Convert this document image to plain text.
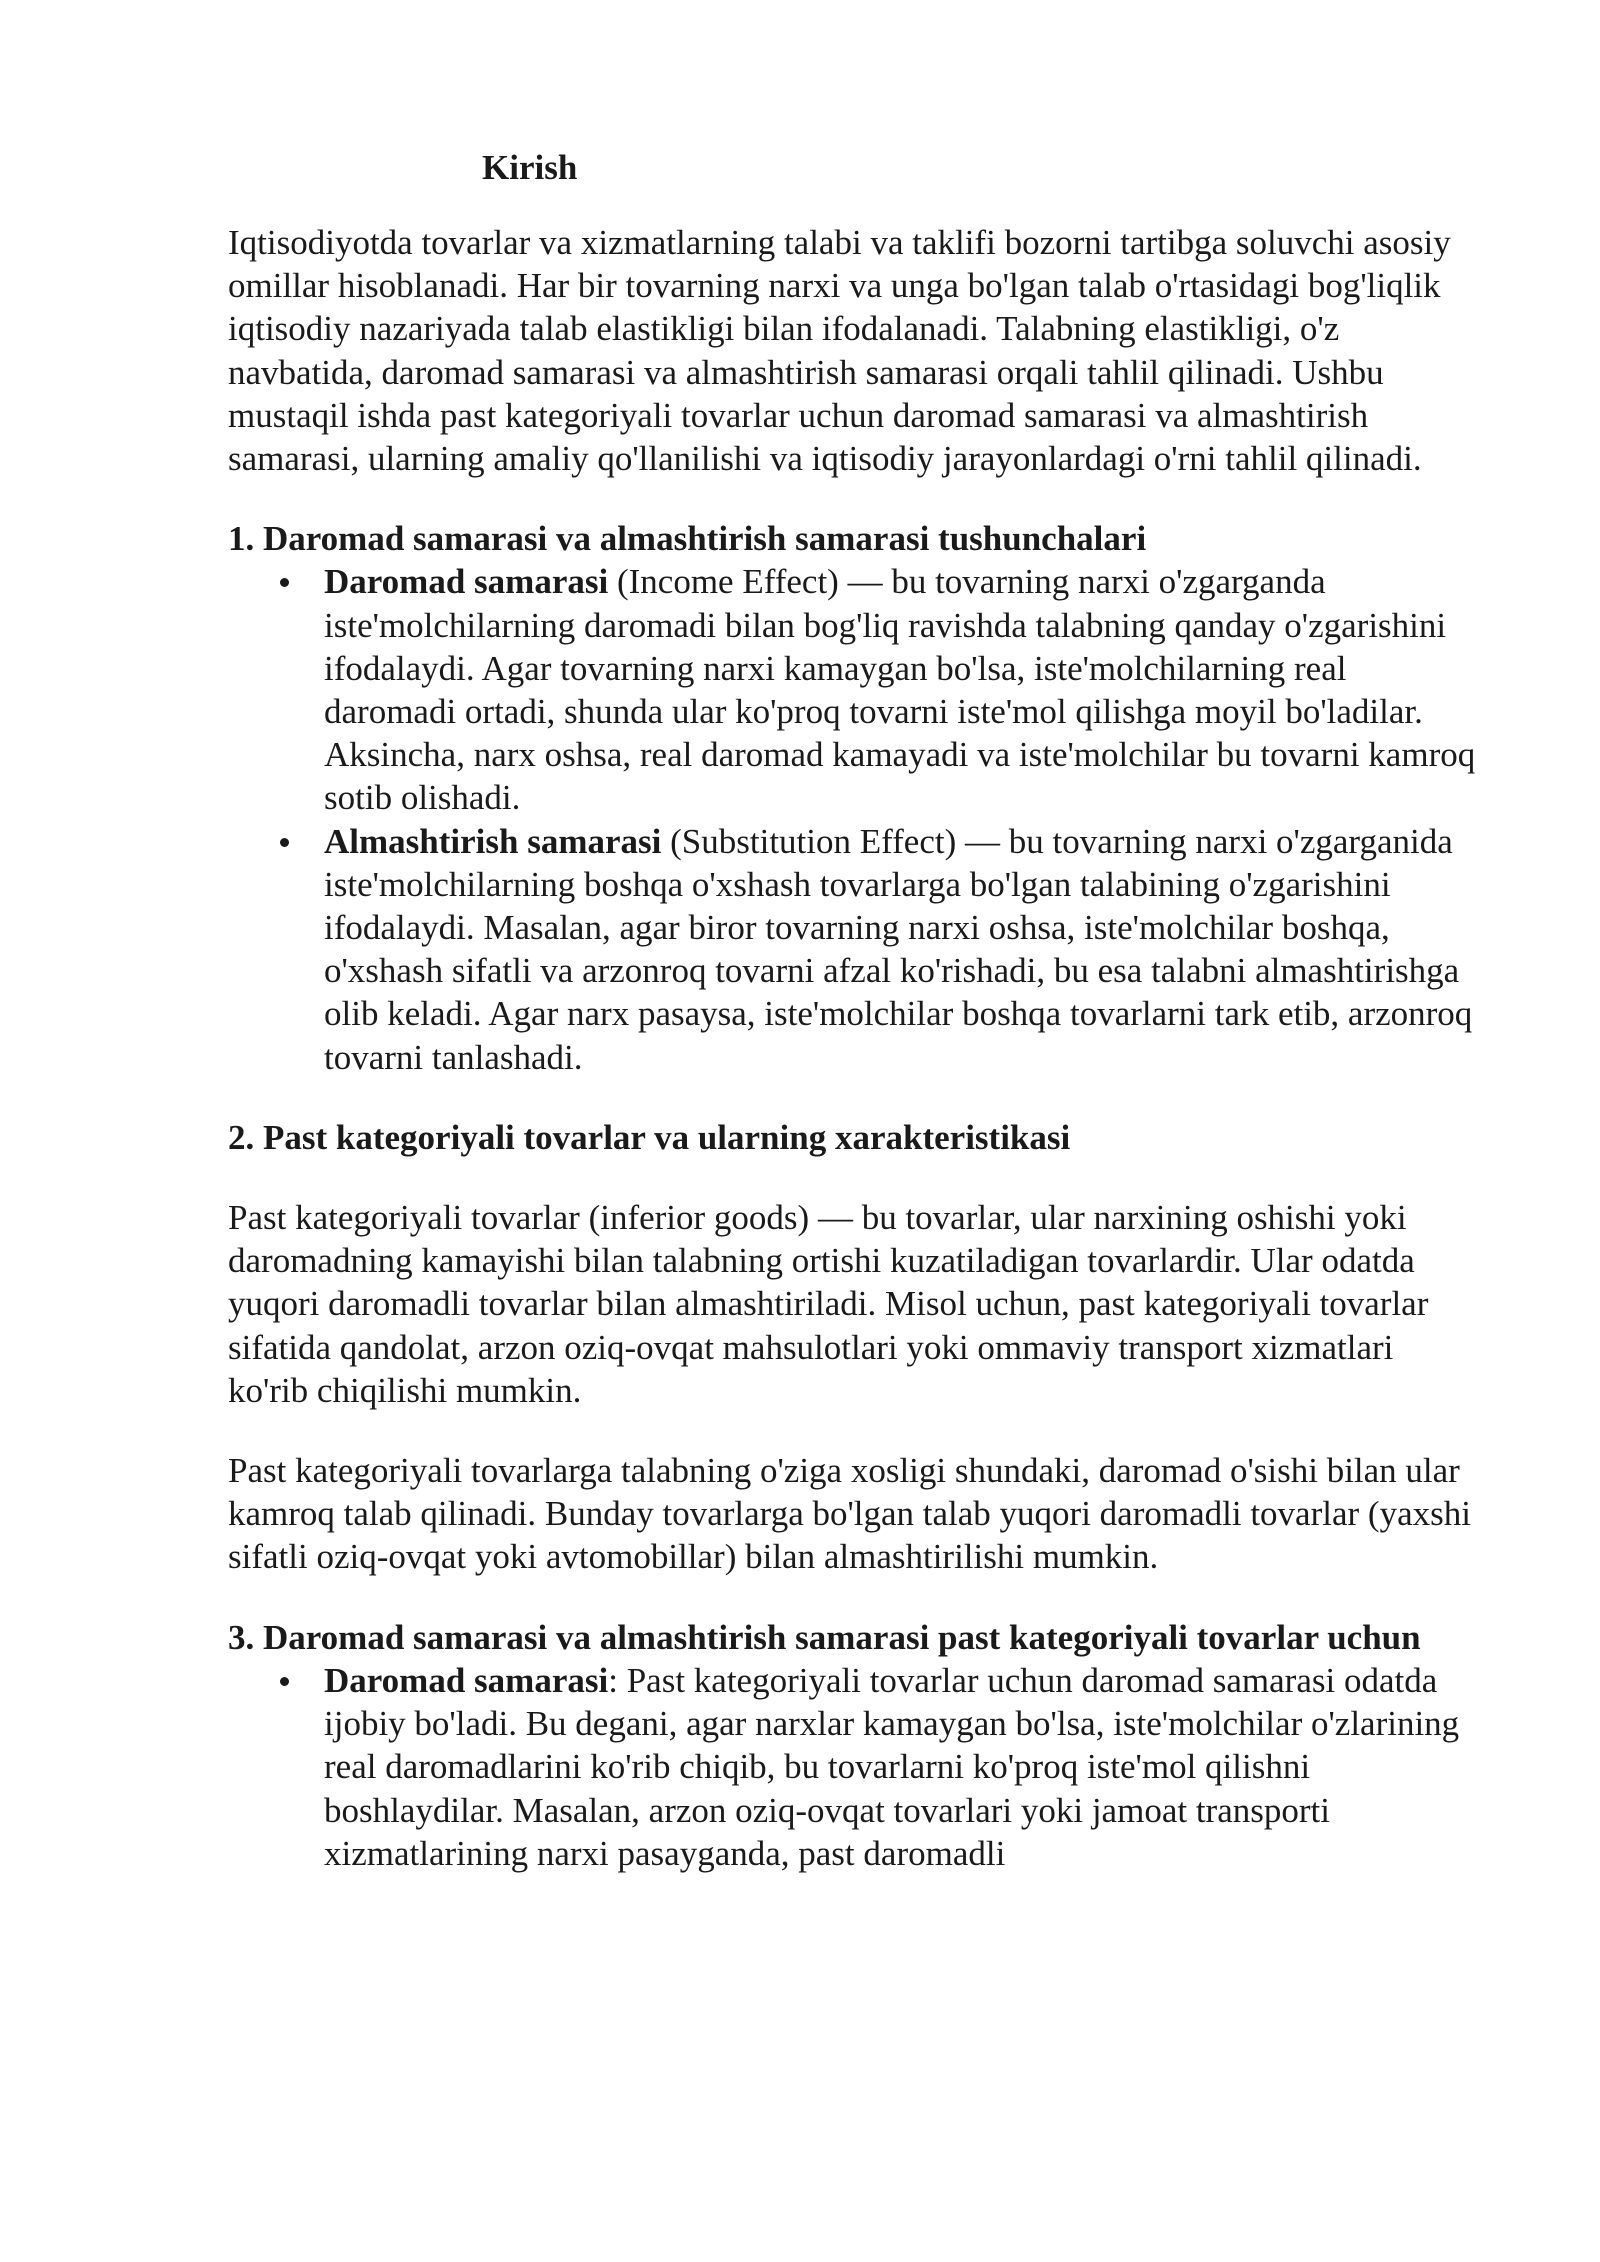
Kirish

Iqtisodiyotda tovarlar va xizmatlarning talabi va taklifi bozorni tartibga soluvchi asosiy omillar hisoblanadi. Har bir tovarning narxi va unga bo'lgan talab o'rtasidagi bog'liqlik iqtisodiy nazariyada talab elastikligi bilan ifodalanadi. Talabning elastikligi, o'z navbatida, daromad samarasi va almashtirish samarasi orqali tahlil qilinadi. Ushbu mustaqil ishda past kategoriyali tovarlar uchun daromad samarasi va almashtirish samarasi, ularning amaliy qo'llanilishi va iqtisodiy jarayonlardagi o'rni tahlil qilinadi.

1. Daromad samarasi va almashtirish samarasi tushunchalari
Daromad samarasi (Income Effect) — bu tovarning narxi o'zgarganda iste'molchilarning daromadi bilan bog'liq ravishda talabning qanday o'zgarishini ifodalaydi. Agar tovarning narxi kamaygan bo'lsa, iste'molchilarning real daromadi ortadi, shunda ular ko'proq tovarni iste'mol qilishga moyil bo'ladilar. Aksincha, narx oshsa, real daromad kamayadi va iste'molchilar bu tovarni kamroq sotib olishadi.
Almashtirish samarasi (Substitution Effect) — bu tovarning narxi o'zgarganida iste'molchilarning boshqa o'xshash tovarlarga bo'lgan talabining o'zgarishini ifodalaydi. Masalan, agar biror tovarning narxi oshsa, iste'molchilar boshqa, o'xshash sifatli va arzonroq tovarni afzal ko'rishadi, bu esa talabni almashtirishga olib keladi. Agar narx pasaysa, iste'molchilar boshqa tovarlarni tark etib, arzonroq tovarni tanlashadi.
2. Past kategoriyali tovarlar va ularning xarakteristikasi

Past kategoriyali tovarlar (inferior goods) — bu tovarlar, ular narxining oshishi yoki daromadning kamayishi bilan talabning ortishi kuzatiladigan tovarlardir. Ular odatda yuqori daromadli tovarlar bilan almashtiriladi. Misol uchun, past kategoriyali tovarlar sifatida qandolat, arzon oziq-ovqat mahsulotlari yoki ommaviy transport xizmatlari ko'rib chiqilishi mumkin.

Past kategoriyali tovarlarga talabning o'ziga xosligi shundaki, daromad o'sishi bilan ular kamroq talab qilinadi. Bunday tovarlarga bo'lgan talab yuqori daromadli tovarlar (yaxshi sifatli oziq-ovqat yoki avtomobillar) bilan almashtirilishi mumkin.

3. Daromad samarasi va almashtirish samarasi past kategoriyali tovarlar uchun
Daromad samarasi: Past kategoriyali tovarlar uchun daromad samarasi odatda ijobiy bo'ladi. Bu degani, agar narxlar kamaygan bo'lsa, iste'molchilar o'zlarining real daromadlarini ko'rib chiqib, bu tovarlarni ko'proq iste'mol qilishni boshlaydilar. Masalan, arzon oziq-ovqat tovarlari yoki jamoat transporti xizmatlarining narxi pasayganda, past daromadli
